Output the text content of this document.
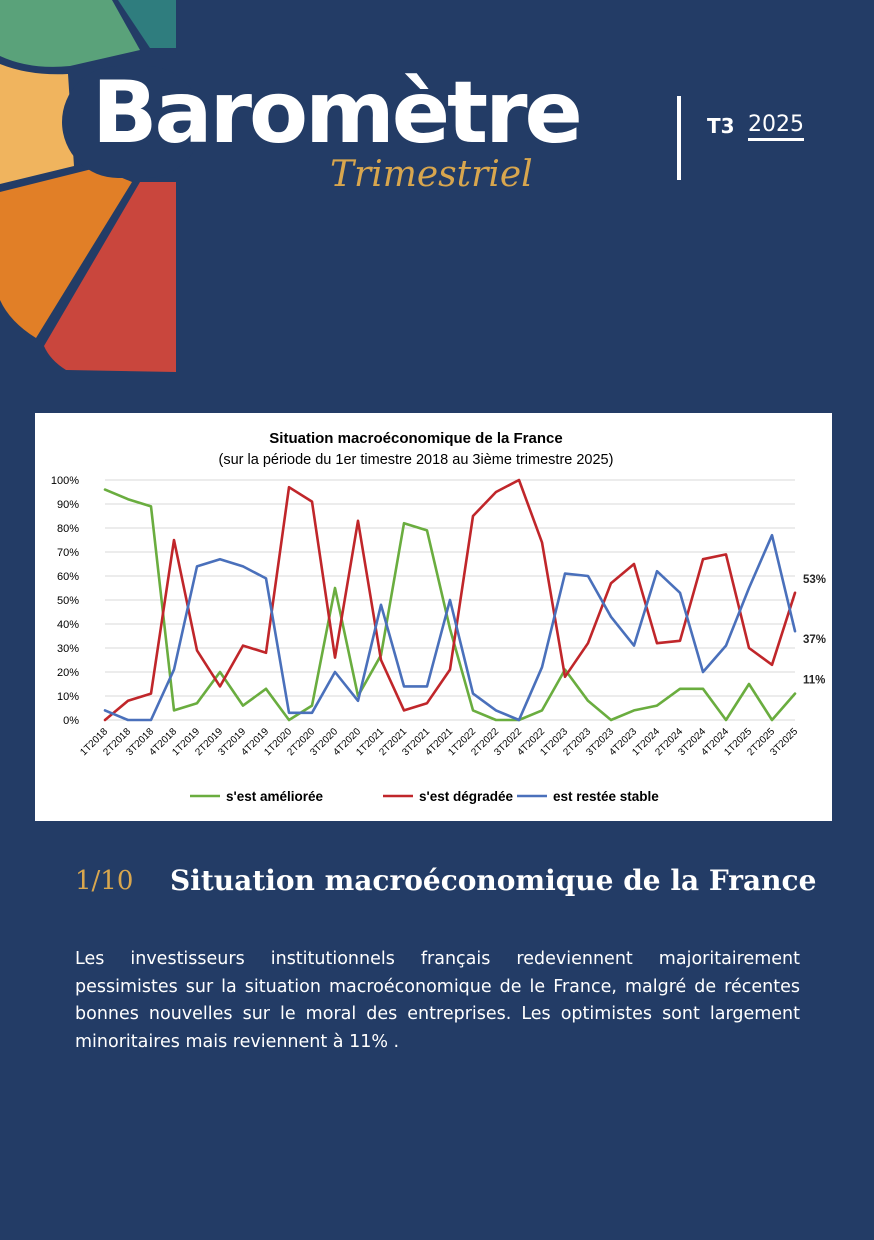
Baromètre
Trimestriel
T3 2025
Situation macroéconomique de la France
(sur la période du 1er timestre 2018 au 3ième trimestre 2025)
0%
10%
20%
30%
40%
50%
60%
70%
80%
90%
100%
1T2018
2T2018
3T2018
4T2018
1T2019
2T2019
3T2019
4T2019
1T2020
2T2020
3T2020
4T2020
1T2021
2T2021
3T2021
4T2021
1T2022
2T2022
3T2022
4T2022
1T2023
2T2023
3T2023
4T2023
1T2024
2T2024
3T2024
4T2024
1T2025
2T2025
3T2025
53%
37%
11%
s'est améliorée	s'est dégradée	est restée stable
1/10 Situation macroéconomique de la France

Les investisseurs institutionnels français redeviennent majoritairement pessimistes sur la situation macroéconomique de le France, malgré de récentes bonnes nouvelles sur le moral des entreprises. Les optimistes sont largement minoritaires mais reviennent à 11% .
